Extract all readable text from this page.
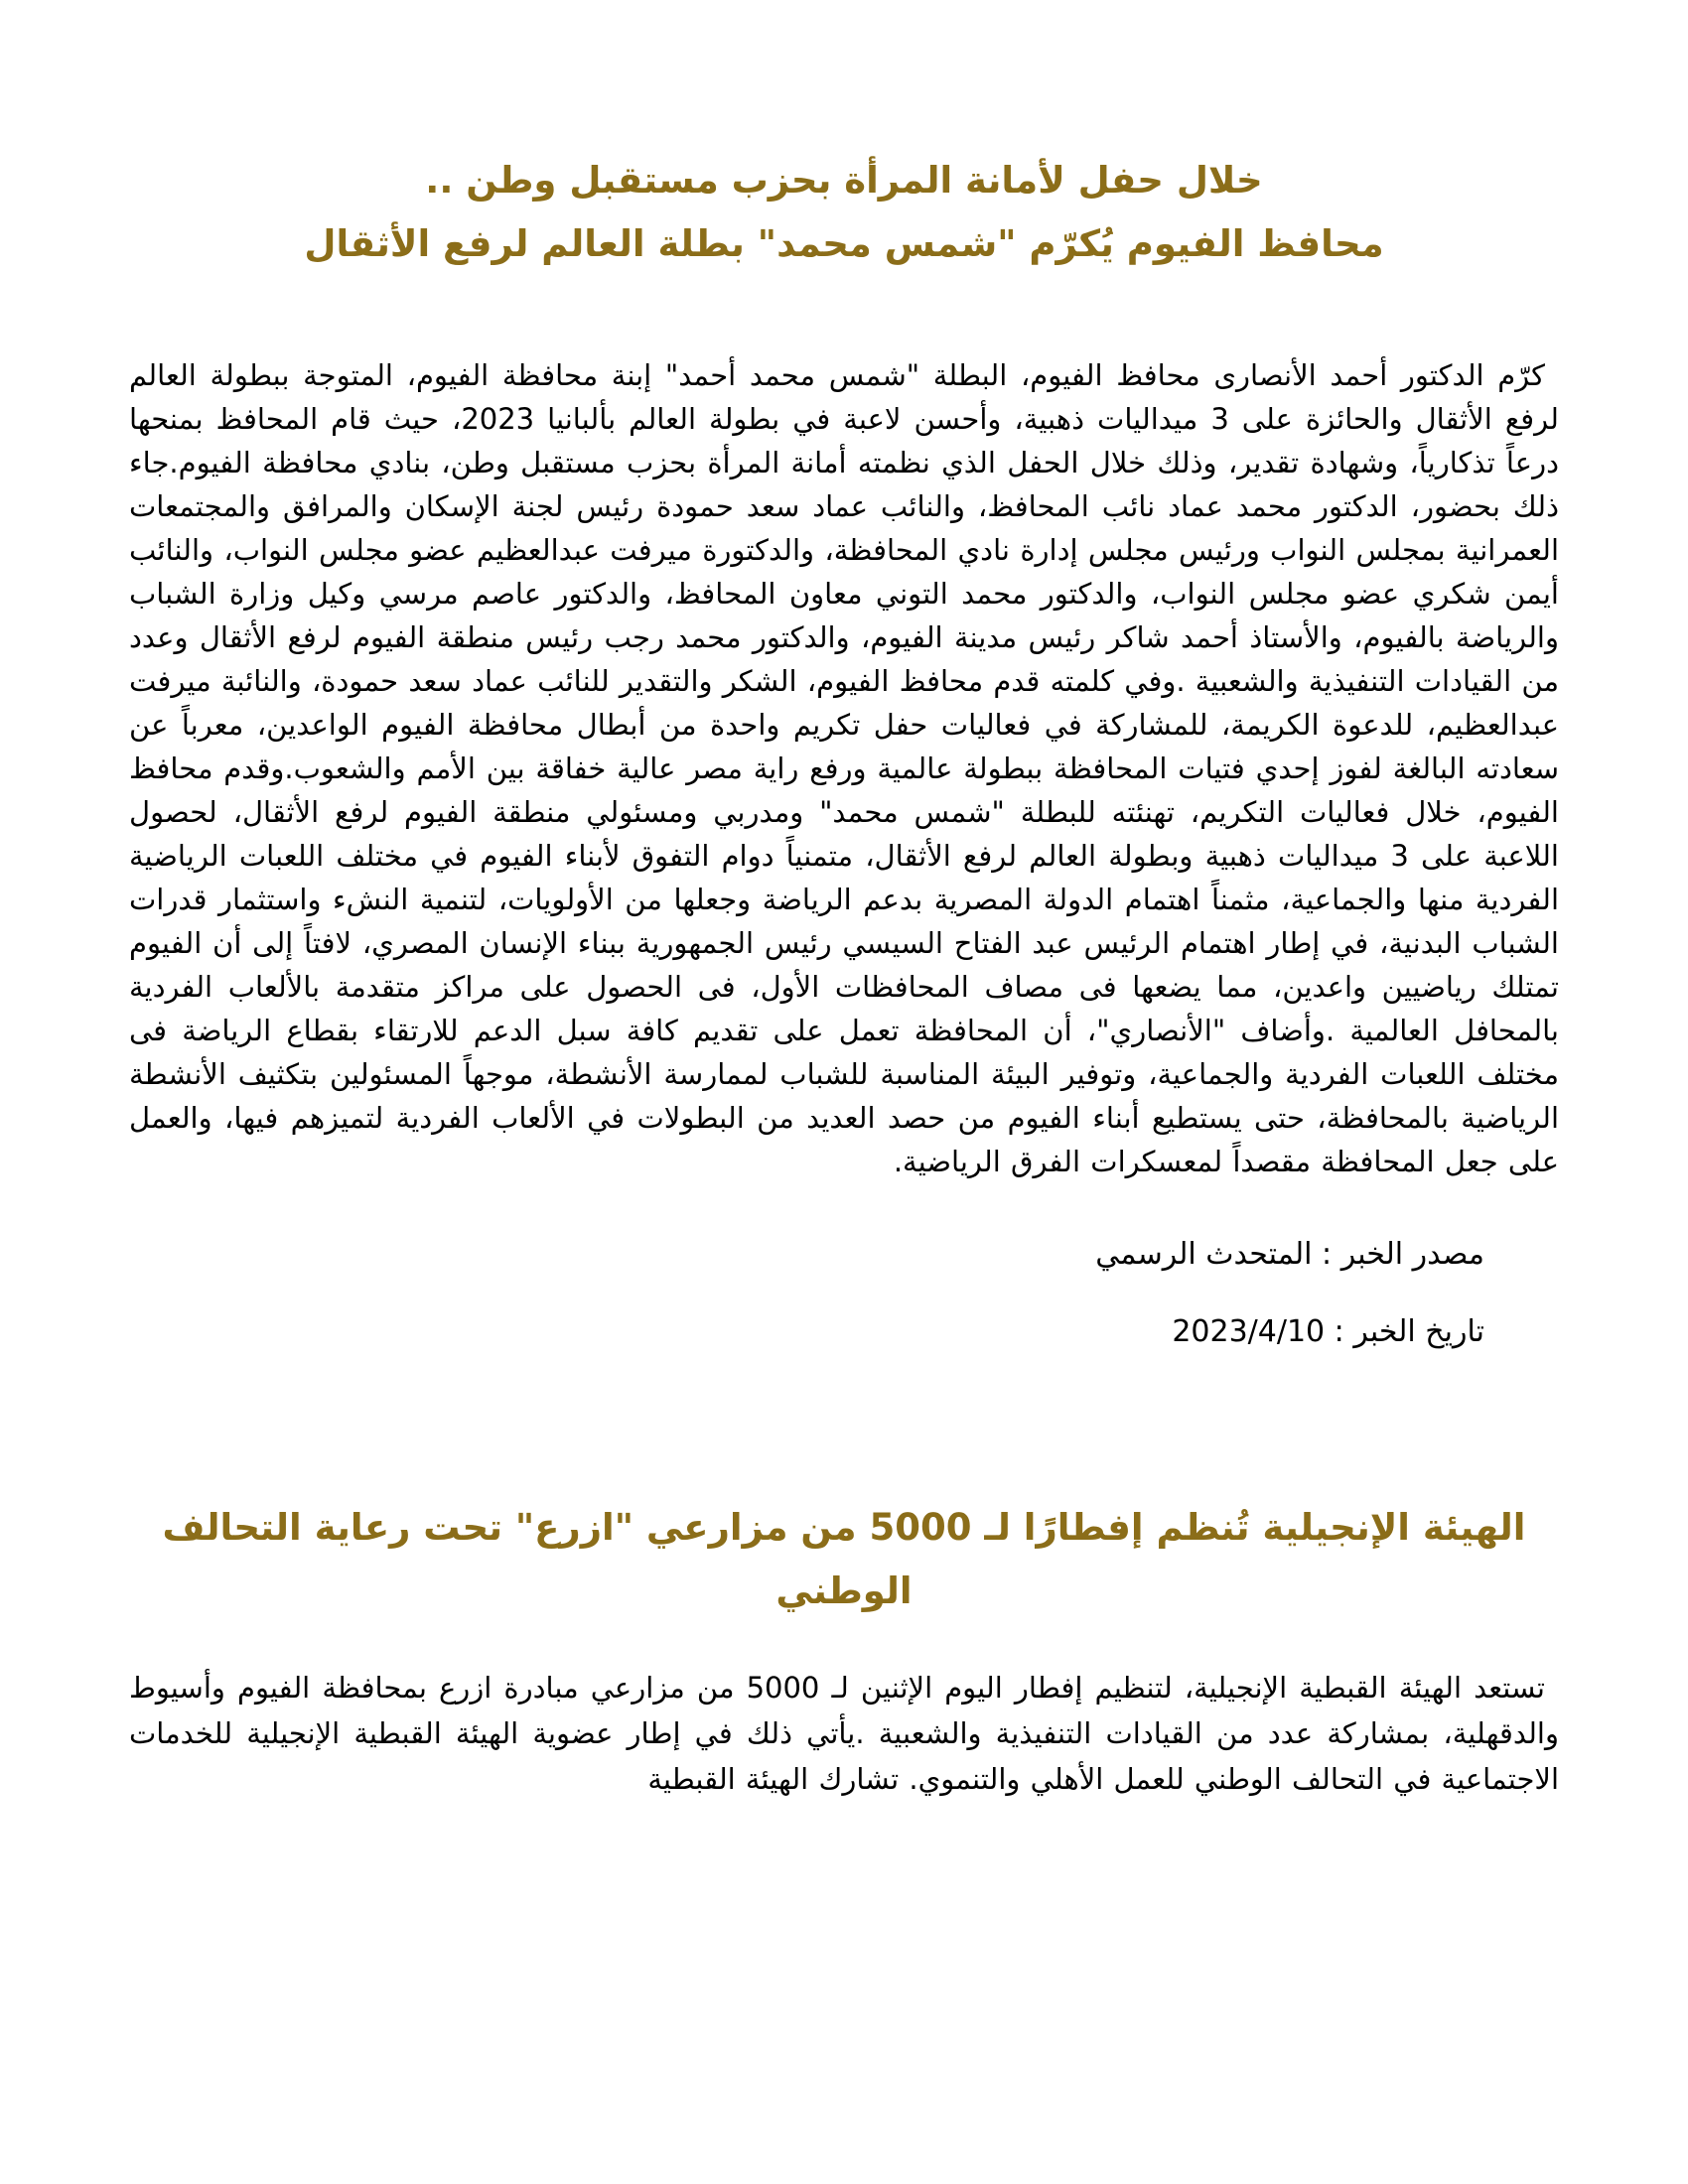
خلال حفل لأمانة المرأة بحزب مستقبل وطن ..
محافظ الفيوم يُكرّم "شمس محمد" بطلة العالم لرفع الأثقال

كرّم الدكتور أحمد الأنصارى محافظ الفيوم، البطلة "شمس محمد أحمد" إبنة محافظة الفيوم، المتوجة ببطولة العالم لرفع الأثقال والحائزة على 3 ميداليات ذهبية، وأحسن لاعبة في بطولة العالم بألبانيا 2023، حيث قام المحافظ بمنحها درعاً تذكارياً، وشهادة تقدير، وذلك خلال الحفل الذي نظمته أمانة المرأة بحزب مستقبل وطن، بنادي محافظة الفيوم.جاء ذلك بحضور، الدكتور محمد عماد نائب المحافظ، والنائب عماد سعد حمودة رئيس لجنة الإسكان والمرافق والمجتمعات العمرانية بمجلس النواب ورئيس مجلس إدارة نادي المحافظة، والدكتورة ميرفت عبدالعظيم عضو مجلس النواب، والنائب أيمن شكري عضو مجلس النواب، والدكتور محمد التوني معاون المحافظ، والدكتور عاصم مرسي وكيل وزارة الشباب والرياضة بالفيوم، والأستاذ أحمد شاكر رئيس مدينة الفيوم، والدكتور محمد رجب رئيس منطقة الفيوم لرفع الأثقال وعدد من القيادات التنفيذية والشعبية .وفي كلمته قدم محافظ الفيوم، الشكر والتقدير للنائب عماد سعد حمودة، والنائبة ميرفت عبدالعظيم، للدعوة الكريمة، للمشاركة في فعاليات حفل تكريم واحدة من أبطال محافظة الفيوم الواعدين، معرباً عن سعادته البالغة لفوز إحدي فتيات المحافظة ببطولة عالمية ورفع راية مصر عالية خفاقة بين الأمم والشعوب.وقدم محافظ الفيوم، خلال فعاليات التكريم، تهنئته للبطلة "شمس محمد" ومدربي ومسئولي منطقة الفيوم لرفع الأثقال، لحصول اللاعبة على 3 ميداليات ذهبية وبطولة العالم لرفع الأثقال، متمنياً دوام التفوق لأبناء الفيوم في مختلف اللعبات الرياضية الفردية منها والجماعية، مثمناً اهتمام الدولة المصرية بدعم الرياضة وجعلها من الأولويات، لتنمية النشء واستثمار قدرات الشباب البدنية، في إطار اهتمام الرئيس عبد الفتاح السيسي رئيس الجمهورية ببناء الإنسان المصري، لافتاً إلى أن الفيوم تمتلك رياضيين واعدين، مما يضعها فى مصاف المحافظات الأول، فى الحصول على مراكز متقدمة بالألعاب الفردية بالمحافل العالمية .وأضاف "الأنصاري"، أن المحافظة تعمل على تقديم كافة سبل الدعم للارتقاء بقطاع الرياضة فى مختلف اللعبات الفردية والجماعية، وتوفير البيئة المناسبة للشباب لممارسة الأنشطة، موجهاً المسئولين بتكثيف الأنشطة الرياضية بالمحافظة، حتى يستطيع أبناء الفيوم من حصد العديد من البطولات في الألعاب الفردية لتميزهم فيها، والعمل على جعل المحافظة مقصداً لمعسكرات الفرق الرياضية.

مصدر الخبر : المتحدث الرسمي

تاريخ الخبر : 2023/4/10

الهيئة الإنجيلية تُنظم إفطارًا لـ 5000 من مزارعي "ازرع" تحت رعاية التحالف الوطني

تستعد الهيئة القبطية الإنجيلية، لتنظيم إفطار اليوم الإثنين لـ 5000 من مزارعي مبادرة ازرع بمحافظة الفيوم وأسيوط والدقهلية، بمشاركة عدد من القيادات التنفيذية والشعبية .يأتي ذلك في إطار عضوية الهيئة القبطية الإنجيلية للخدمات الاجتماعية في التحالف الوطني للعمل الأهلي والتنموي. تشارك الهيئة القبطية
